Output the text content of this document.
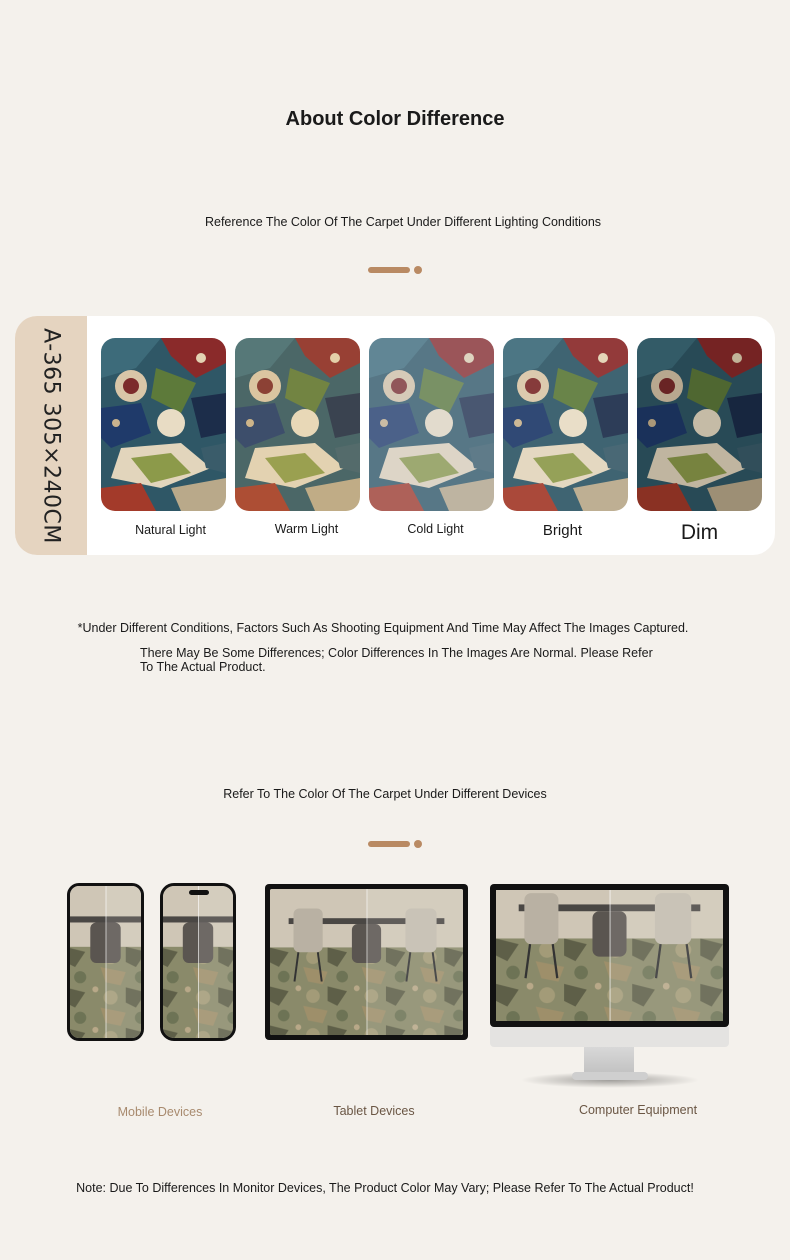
About Color Difference
Reference The Color Of The Carpet Under Different Lighting Conditions
A-365 305×240CM	Natural Light	Warm Light	Cold Light	Bright	Dim
*Under Different Conditions, Factors Such As Shooting Equipment And Time May Affect The Images Captured.
There May Be Some Differences; Color Differences In The Images Are Normal. Please Refer To The Actual Product.
Refer To The Color Of The Carpet Under Different Devices
Mobile Devices	Tablet Devices	Computer Equipment
Note: Due To Differences In Monitor Devices, The Product Color May Vary; Please Refer To The Actual Product!
